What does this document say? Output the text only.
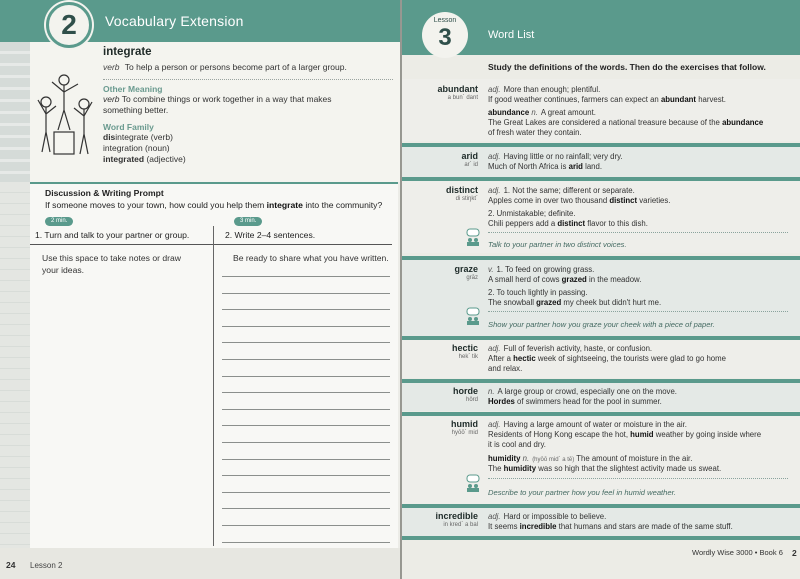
2	Vocabulary Extension
integrate
verb To help a person or persons become part of a larger group.
Other Meaning
verb To combine things or work together in a way that makes
something better.
Word Family
disintegrate (verb)
integration (noun)
integrated (adjective)
Discussion & Writing Prompt
If someone moves to your town, how could you help them integrate into the community?
2 min.	3 min.
1. Turn and talk to your partner or group.	2. Write 2–4 sentences.
Use this space to take notes or draw
your ideas.
Be ready to share what you have written.
24 Lesson 2
Lesson
3	Word List
Study the definitions of the words. Then do the exercises that follow.
abundant
a bun´ dant
adj. More than enough; plentiful.
If good weather continues, farmers can expect an abundant harvest.
abundance n. A great amount.
The Great Lakes are considered a national treasure because of the abundance
of fresh water they contain.
arid
ar´ id
adj. Having little or no rainfall; very dry.
Much of North Africa is arid land.
distinct
di stiŋkt´
adj. 1. Not the same; different or separate.
Apples come in over two thousand distinct varieties.
2. Unmistakable; definite.
Chili peppers add a distinct flavor to this dish.
Talk to your partner in two distinct voices.
graze
grāz
v. 1. To feed on growing grass.
A small herd of cows grazed in the meadow.
2. To touch lightly in passing.
The snowball grazed my cheek but didn't hurt me.
Show your partner how you graze your cheek with a piece of paper.
hectic
hek´ tik
adj. Full of feverish activity, haste, or confusion.
After a hectic week of sightseeing, the tourists were glad to go home
and relax.
horde
hôrd
n. A large group or crowd, especially one on the move.
Hordes of swimmers head for the pool in summer.
humid
hyōō´ mid
adj. Having a large amount of water or moisture in the air.
Residents of Hong Kong escape the hot, humid weather by going inside where
it is cool and dry.
humidity n. (hyōō mid´ a tē) The amount of moisture in the air.
The humidity was so high that the slightest activity made us sweat.
Describe to your partner how you feel in humid weather.
incredible
in kred´ a bal
adj. Hard or impossible to believe.
It seems incredible that humans and stars are made of the same stuff.
Wordly Wise 3000 • Book 6 2
